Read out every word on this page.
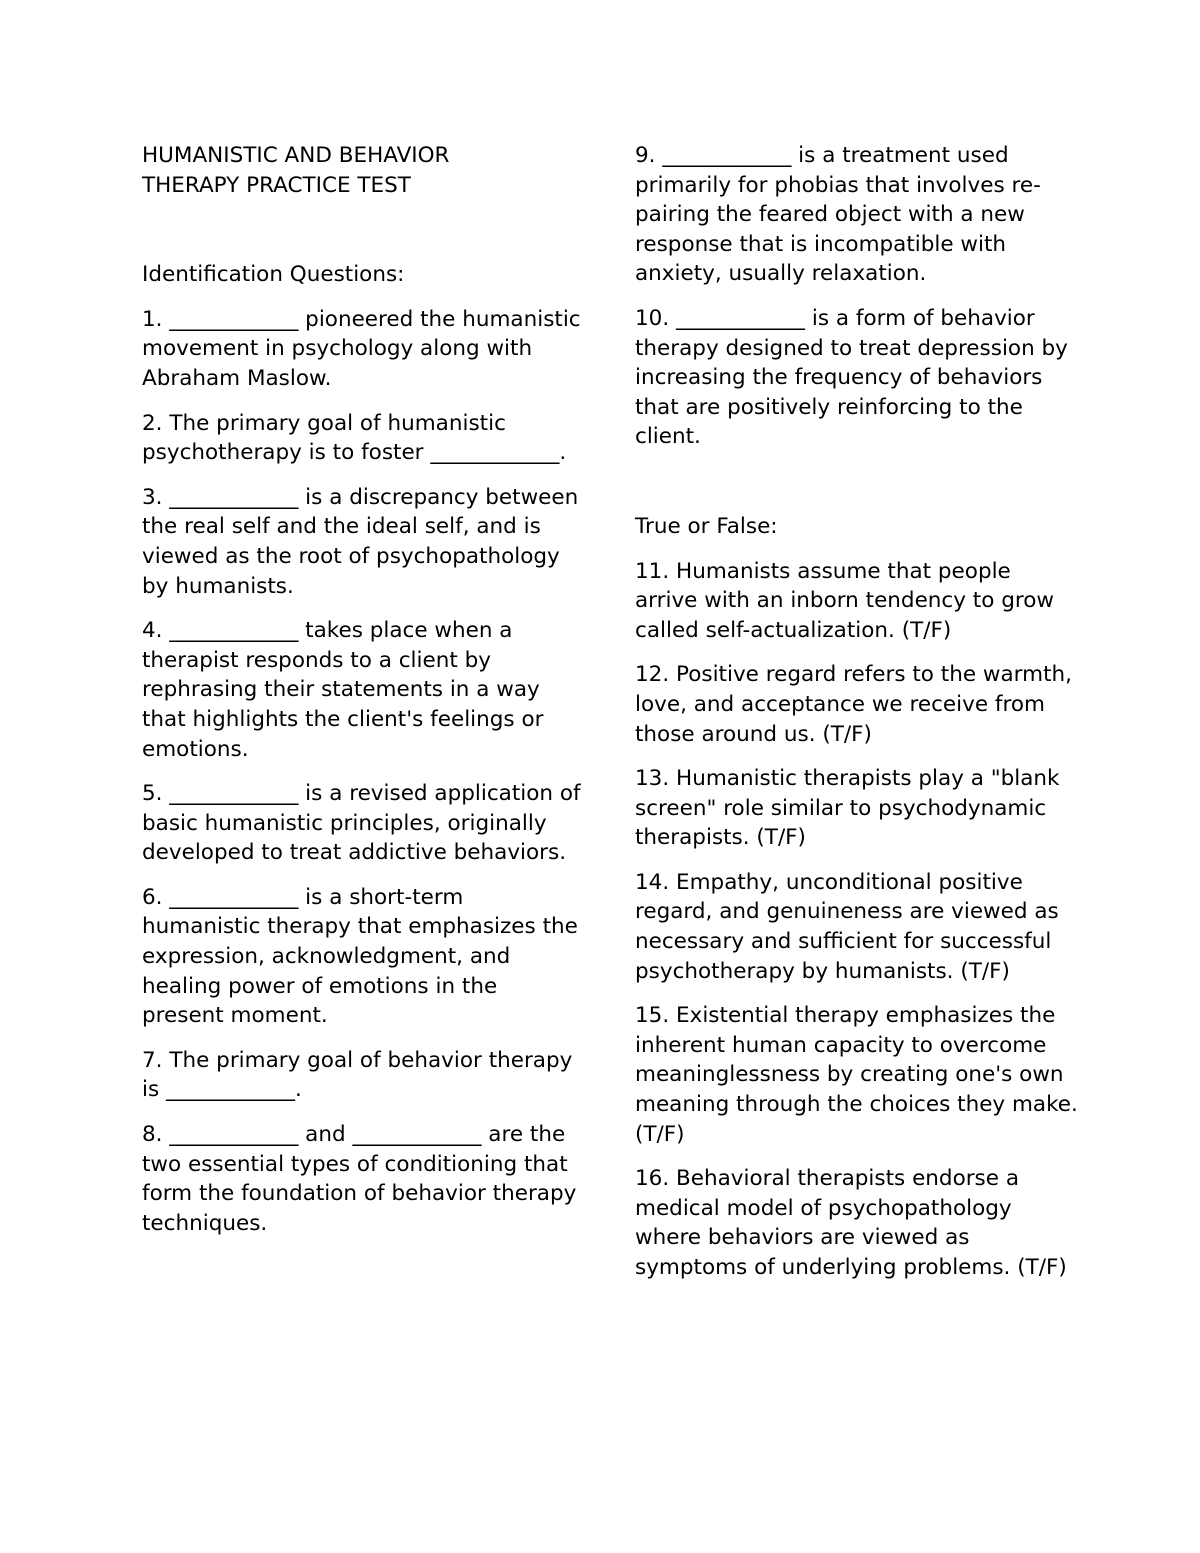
HUMANISTIC AND BEHAVIOR
THERAPY PRACTICE TEST
Identification Questions:
1. ____________ pioneered the humanistic movement in psychology along with Abraham Maslow.
2. The primary goal of humanistic psychotherapy is to foster ____________.
3. ____________ is a discrepancy between the real self and the ideal self, and is viewed as the root of psychopathology by humanists.
4. ____________ takes place when a therapist responds to a client by rephrasing their statements in a way that highlights the client's feelings or emotions.
5. ____________ is a revised application of basic humanistic principles, originally developed to treat addictive behaviors.
6. ____________ is a short-term humanistic therapy that emphasizes the expression, acknowledgment, and healing power of emotions in the present moment.
7. The primary goal of behavior therapy is ____________.
8. ____________ and ____________ are the two essential types of conditioning that form the foundation of behavior therapy techniques.
9. ____________ is a treatment used primarily for phobias that involves re-pairing the feared object with a new response that is incompatible with anxiety, usually relaxation.
10. ____________ is a form of behavior therapy designed to treat depression by increasing the frequency of behaviors that are positively reinforcing to the client.
True or False:
11. Humanists assume that people arrive with an inborn tendency to grow called self-actualization. (T/F)
12. Positive regard refers to the warmth, love, and acceptance we receive from those around us. (T/F)
13. Humanistic therapists play a "blank screen" role similar to psychodynamic therapists. (T/F)
14. Empathy, unconditional positive regard, and genuineness are viewed as necessary and sufficient for successful psychotherapy by humanists. (T/F)
15. Existential therapy emphasizes the inherent human capacity to overcome meaninglessness by creating one's own meaning through the choices they make. (T/F)
16. Behavioral therapists endorse a medical model of psychopathology where behaviors are viewed as symptoms of underlying problems. (T/F)
